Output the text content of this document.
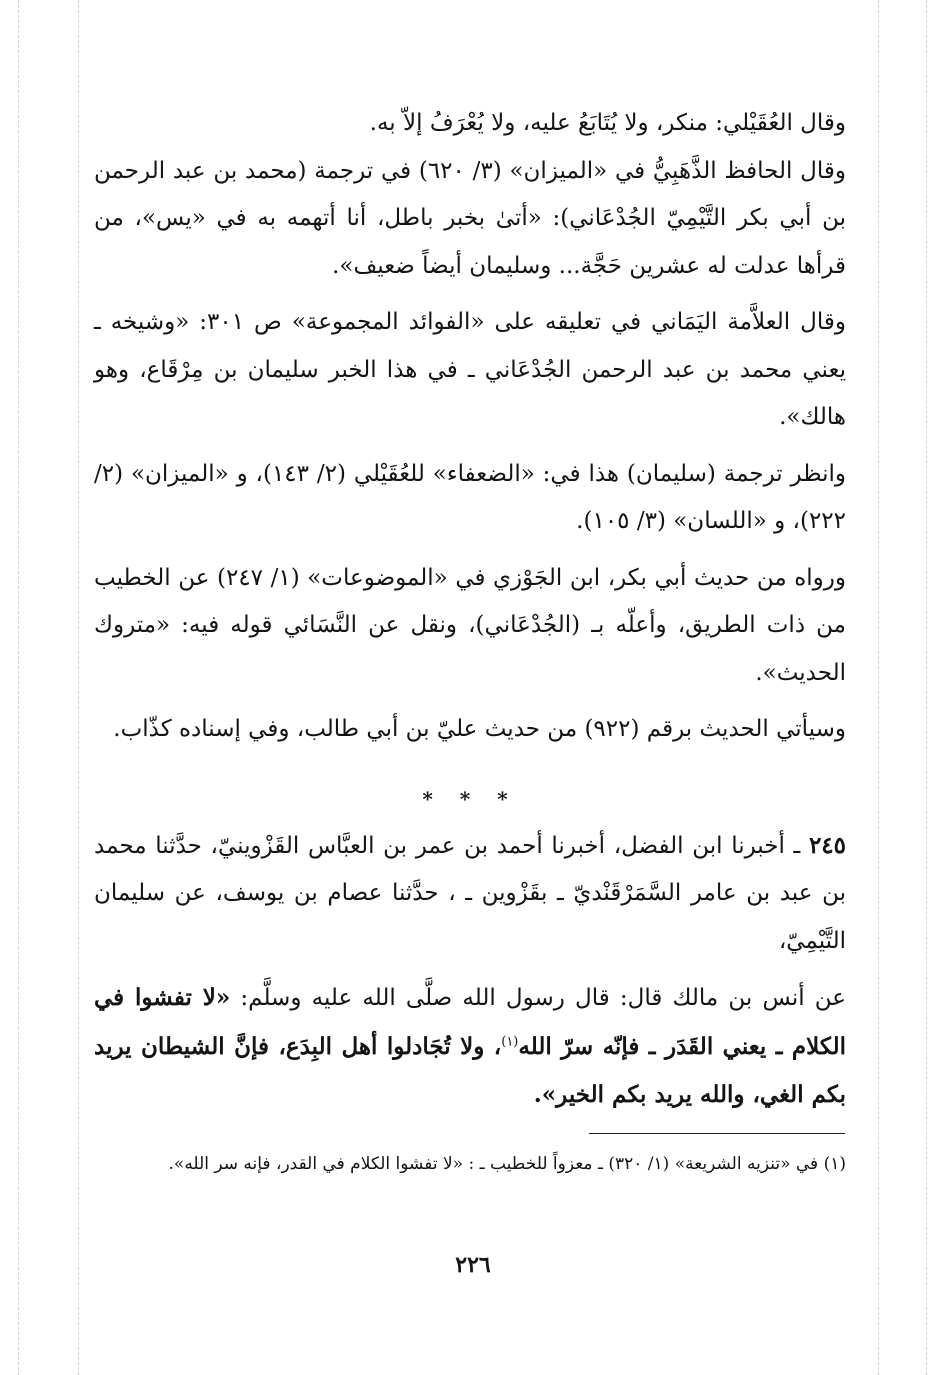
وقال العُقَيْلي: منكر، ولا يُتَابَعُ عليه، ولا يُعْرَفُ إلاّ به.

وقال الحافظ الذَّهَبِيُّ في «الميزان» (٣/ ٦٢٠) في ترجمة (محمد بن عبد الرحمن بن أبي بكر التَّيْمِيّ الجُدْعَاني): «أتىٰ بخبر باطل، أنا أتهمه به في «يس»، من قرأها عدلت له عشرين حَجَّة... وسليمان أيضاً ضعيف».

وقال العلاَّمة اليَمَاني في تعليقه على «الفوائد المجموعة» ص ٣٠١: «وشيخه ـ يعني محمد بن عبد الرحمن الجُدْعَاني ـ في هذا الخبر سليمان بن مِرْقَاع، وهو هالك».

وانظر ترجمة (سليمان) هذا في: «الضعفاء» للعُقَيْلي (٢/ ١٤٣)، و «الميزان» (٢/ ٢٢٢)، و «اللسان» (٣/ ١٠٥).

ورواه من حديث أبي بكر، ابن الجَوْزي في «الموضوعات» (١/ ٢٤٧) عن الخطيب من ذات الطريق، وأعلّه بـ (الجُدْعَاني)، ونقل عن النَّسَائي قوله فيه: «متروك الحديث».

وسيأتي الحديث برقم (٩٢٢) من حديث عليّ بن أبي طالب، وفي إسناده كذّاب.

* * *

٢٤٥ ـ أخبرنا ابن الفضل، أخبرنا أحمد بن عمر بن العبَّاس القَزْوينيّ، حدَّثنا محمد بن عبد بن عامر السَّمَرْقَنْديّ ـ بقَزْوين ـ ، حدَّثنا عصام بن يوسف، عن سليمان التَّيْمِيّ،

عن أنس بن مالك قال: قال رسول الله صلَّى الله عليه وسلَّم: «لا تفشوا في الكلام ـ يعني القَدَر ـ فإنّه سرّ الله$^{(١)}$، ولا تُجَادلوا أهل البِدَع، فإنَّ الشيطان يريد بكم الغي، والله يريد بكم الخير».

(١) في «تنزيه الشريعة» (١/ ٣٢٠) ـ معزواً للخطيب ـ : «لا تفشوا الكلام في القدر، فإنه سر الله».
٢٢٦
